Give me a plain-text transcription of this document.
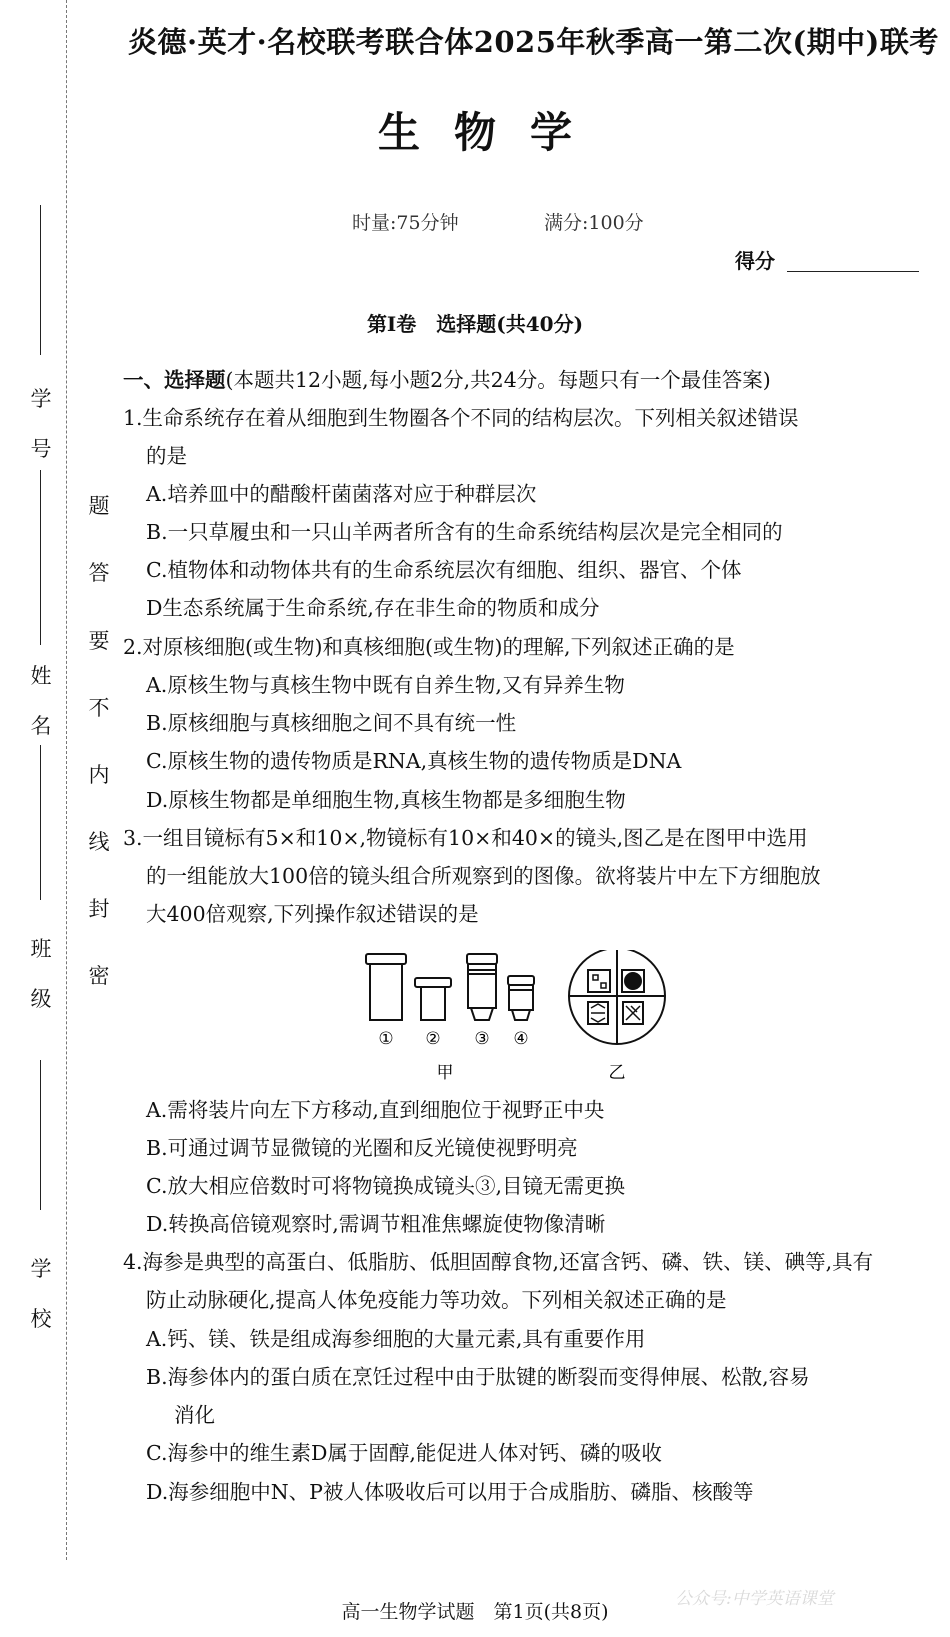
学
号
姓
名
班
级
学
校
题
答
要
不
内
线
封
密
炎德·英才·名校联考联合体2025年秋季高一第二次(期中)联考
生物学
时量:75分钟	满分:100分
得分
第Ⅰ卷　选择题(共40分)
一、选择题(本题共12小题,每小题2分,共24分。每题只有一个最佳答案)
1.生命系统存在着从细胞到生物圈各个不同的结构层次。下列相关叙述错误
的是
A.培养皿中的醋酸杆菌菌落对应于种群层次
B.一只草履虫和一只山羊两者所含有的生命系统结构层次是完全相同的
C.植物体和动物体共有的生命系统层次有细胞、组织、器官、个体
D生态系统属于生命系统,存在非生命的物质和成分
2.对原核细胞(或生物)和真核细胞(或生物)的理解,下列叙述正确的是
A.原核生物与真核生物中既有自养生物,又有异养生物
B.原核细胞与真核细胞之间不具有统一性
C.原核生物的遗传物质是RNA,真核生物的遗传物质是DNA
D.原核生物都是单细胞生物,真核生物都是多细胞生物
3.一组目镜标有5×和10×,物镜标有10×和40×的镜头,图乙是在图甲中选用
的一组能放大100倍的镜头组合所观察到的图像。欲将装片中左下方细胞放
大400倍观察,下列操作叙述错误的是
① ② ③ ④
甲	乙
A.需将装片向左下方移动,直到细胞位于视野正中央
B.可通过调节显微镜的光圈和反光镜使视野明亮
C.放大相应倍数时可将物镜换成镜头③,目镜无需更换
D.转换高倍镜观察时,需调节粗准焦螺旋使物像清晰
4.海参是典型的高蛋白、低脂肪、低胆固醇食物,还富含钙、磷、铁、镁、碘等,具有
防止动脉硬化,提高人体免疫能力等功效。下列相关叙述正确的是
A.钙、镁、铁是组成海参细胞的大量元素,具有重要作用
B.海参体内的蛋白质在烹饪过程中由于肽键的断裂而变得伸展、松散,容易
消化
C.海参中的维生素D属于固醇,能促进人体对钙、磷的吸收
D.海参细胞中N、P被人体吸收后可以用于合成脂肪、磷脂、核酸等
公众号:中学英语课堂
高一生物学试题　第1页(共8页)
